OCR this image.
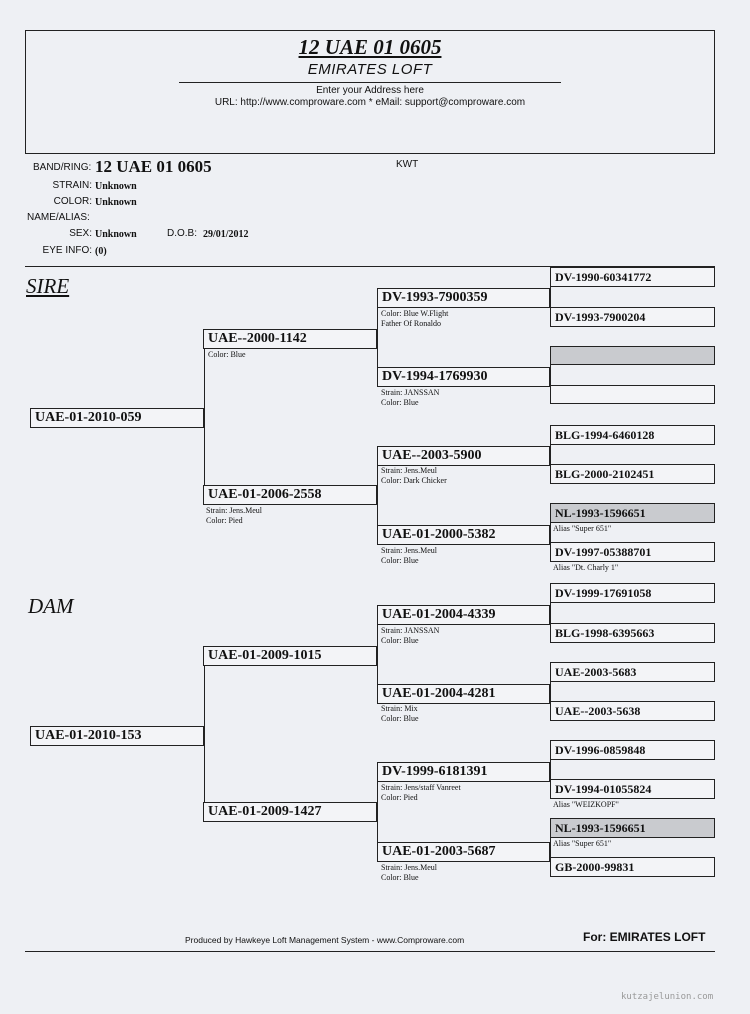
12 UAE 01 0605
EMIRATES LOFT
Enter your Address here
URL: http://www.comproware.com * eMail: support@comproware.com
BAND/RING: 12 UAE 01 0605	KWT
STRAIN: Unknown
COLOR: Unknown
NAME/ALIAS:
SEX: Unknown	D.O.B: 29/01/2012
EYE INFO: (0)
SIRE
DAM
UAE-01-2010-059
UAE-01-2010-153
UAE--2000-1142
Color: Blue
UAE-01-2006-2558
Strain: Jens.Meul
Color: Pied
UAE-01-2009-1015
UAE-01-2009-1427
DV-1993-7900359
Color: Blue W.Flight
Father Of Ronaldo
DV-1994-1769930
Strain: JANSSAN
Color: Blue
UAE--2003-5900
Strain: Jens.Meul
Color: Dark Chicker
UAE-01-2000-5382
Strain: Jens.Meul
Color: Blue
UAE-01-2004-4339
Strain: JANSSAN
Color: Blue
UAE-01-2004-4281
Strain: Mix
Color: Blue
DV-1999-6181391
Strain: Jens/staff Vanreet
Color: Pied
UAE-01-2003-5687
Strain: Jens.Meul
Color: Blue
DV-1990-60341772
DV-1993-7900204
BLG-1994-6460128
BLG-2000-2102451
NL-1993-1596651
Alias "Super 651"
DV-1997-05388701
Alias "Dt. Charly 1"
DV-1999-17691058
BLG-1998-6395663
UAE-2003-5683
UAE--2003-5638
DV-1996-0859848
DV-1994-01055824
Alias "WEIZKOPF"
NL-1993-1596651
Alias "Super 651"
GB-2000-99831
Produced by Hawkeye Loft Management System - www.Comproware.com	For: EMIRATES LOFT
kutzajelunion.com
